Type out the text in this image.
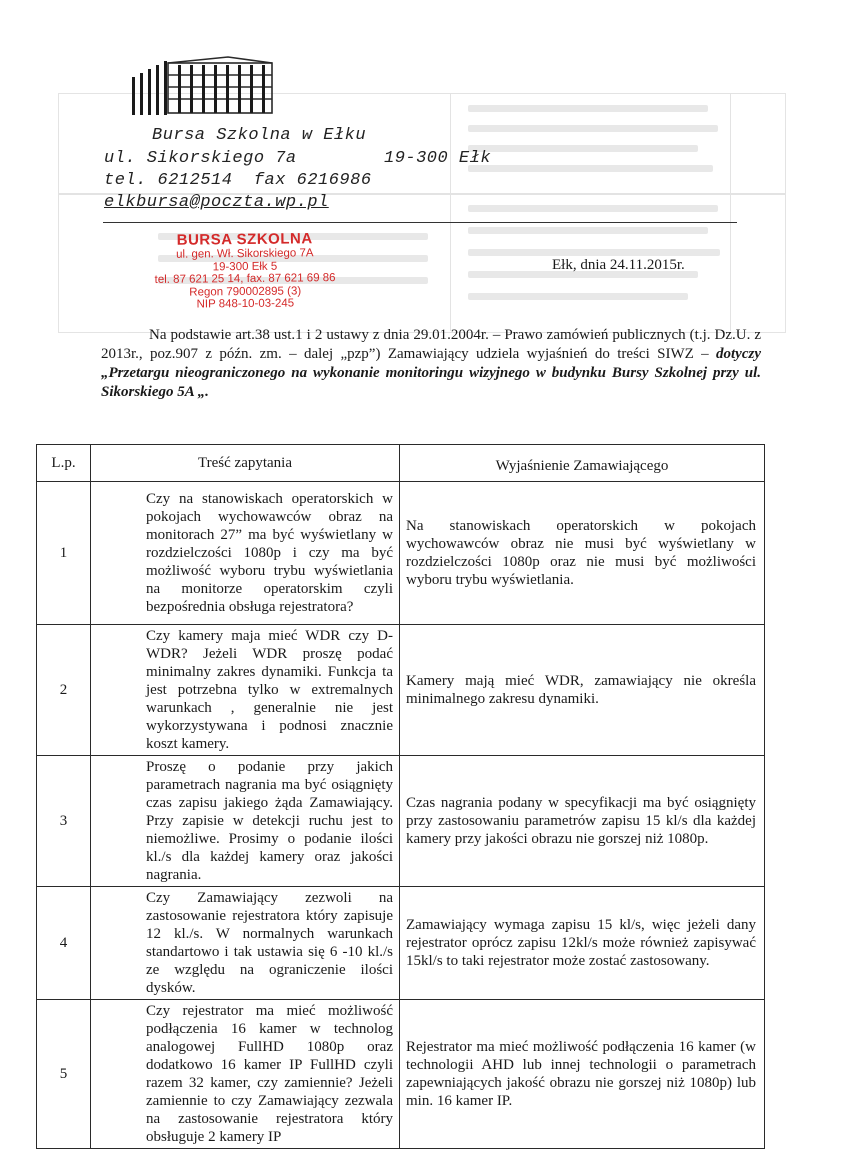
Bursa Szkolna w Ełku
ul. Sikorskiego 7a	19-300 Ełk
tel. 6212514  fax 6216986
elkbursa@poczta.wp.pl
BURSA SZKOLNA
ul. gen. Wł. Sikorskiego 7A
19-300 Ełk 5
tel. 87 621 25 14, fax. 87 621 69 86
Regon 790002895 (3)
NIP 848-10-03-245
Ełk, dnia 24.11.2015r.
Na podstawie art.38 ust.1 i 2 ustawy z dnia 29.01.2004r. – Prawo zamówień publicznych (t.j. Dz.U. z 2013r., poz.907 z późn. zm. – dalej „pzp”) Zamawiający udziela wyjaśnień do treści SIWZ – dotyczy „Przetargu nieograniczonego na wykonanie monitoringu wizyjnego w budynku Bursy Szkolnej przy ul. Sikorskiego 5A „.
L.p.	Treść zapytania	Wyjaśnienie Zamawiającego
1	Czy na stanowiskach operatorskich w pokojach wychowawców obraz na monitorach 27” ma być wyświetlany w rozdzielczości 1080p i czy ma być możliwość wyboru trybu wyświetlania na monitorze operatorskim czyli bezpośrednia obsługa rejestratora?	Na stanowiskach operatorskich w pokojach wychowawców obraz nie musi być wyświetlany w rozdzielczości 1080p oraz nie musi być możliwości wyboru trybu wyświetlania.
2	Czy kamery maja mieć WDR czy D-WDR? Jeżeli WDR proszę podać minimalny zakres dynamiki. Funkcja ta jest potrzebna tylko w extremalnych warunkach , generalnie nie jest wykorzystywana i podnosi znacznie koszt kamery.	Kamery mają mieć WDR, zamawiający nie określa minimalnego zakresu dynamiki.
3	Proszę o podanie przy jakich parametrach nagrania ma być osiągnięty czas zapisu jakiego żąda Zamawiający. Przy zapisie w detekcji ruchu jest to niemożliwe. Prosimy o podanie ilości kl./s dla każdej kamery oraz jakości nagrania.	Czas nagrania podany w specyfikacji ma być osiągnięty przy zastosowaniu parametrów zapisu 15 kl/s dla każdej kamery przy jakości obrazu nie gorszej niż 1080p.
4	Czy Zamawiający zezwoli na zastosowanie rejestratora który zapisuje 12 kl./s. W normalnych warunkach standartowo i tak ustawia się 6 -10 kl./s ze względu na ograniczenie ilości dysków.	Zamawiający wymaga zapisu 15 kl/s, więc jeżeli dany rejestrator oprócz zapisu 12kl/s może również zapisywać 15kl/s to taki rejestrator może zostać zastosowany.
5	Czy rejestrator ma mieć możliwość podłączenia 16 kamer w technolog analogowej FullHD 1080p oraz dodatkowo 16 kamer IP FullHD czyli razem 32 kamer, czy zamiennie? Jeżeli zamiennie to czy Zamawiający zezwala na zastosowanie rejestratora który obsługuje 2 kamery IP	Rejestrator ma mieć możliwość podłączenia 16 kamer (w technologii AHD lub innej technologii o parametrach zapewniających jakość obrazu nie gorszej niż 1080p) lub min. 16 kamer IP.
